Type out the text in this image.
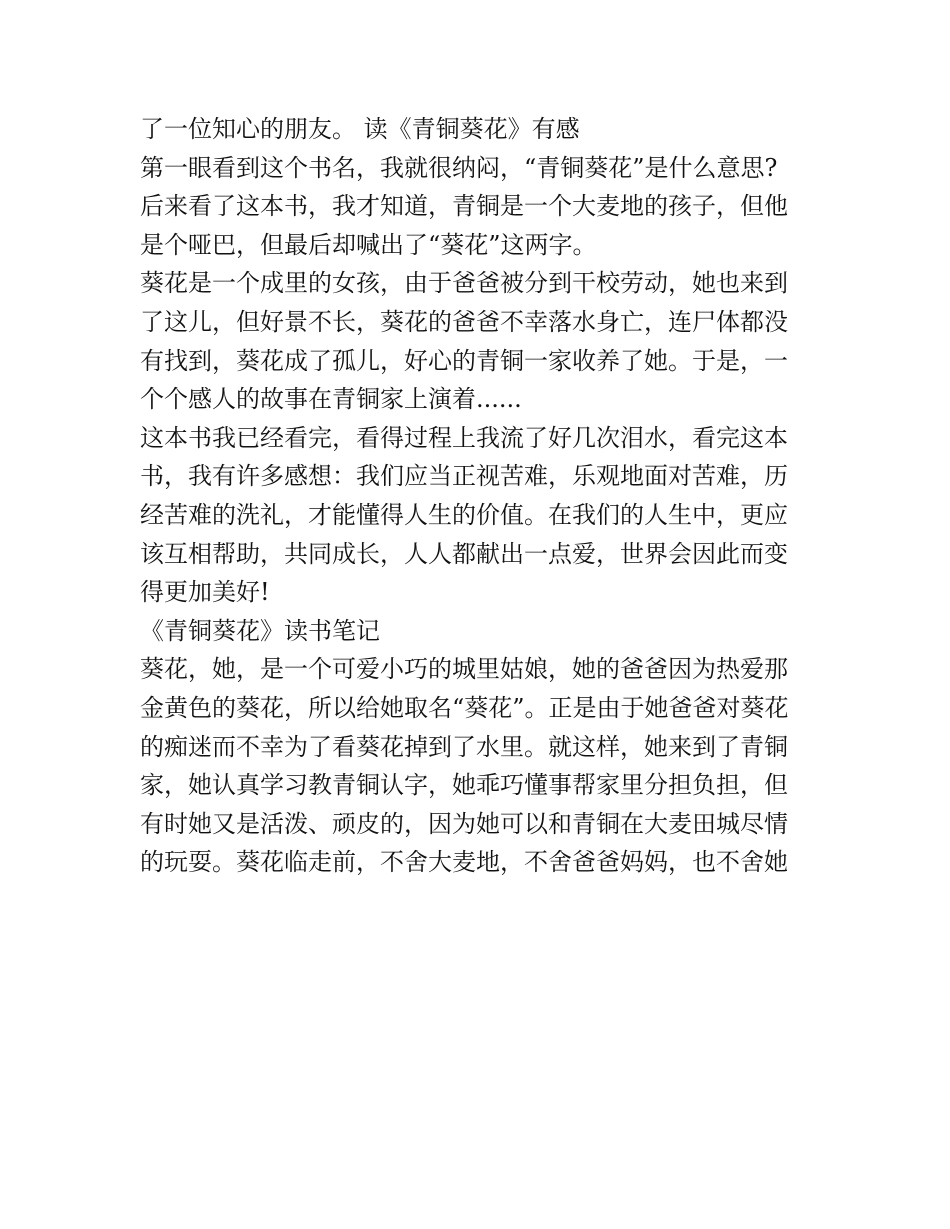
了一位知心的朋友。 读《青铜葵花》有感
第一眼看到这个书名，我就很纳闷，“青铜葵花”是什么意思?
后来看了这本书，我才知道，青铜是一个大麦地的孩子，但他
是个哑巴，但最后却喊出了“葵花”这两字。
葵花是一个成里的女孩，由于爸爸被分到干校劳动，她也来到
了这儿，但好景不长，葵花的爸爸不幸落水身亡，连尸体都没
有找到，葵花成了孤儿，好心的青铜一家收养了她。于是，一
个个感人的故事在青铜家上演着......
这本书我已经看完，看得过程上我流了好几次泪水，看完这本
书，我有许多感想：我们应当正视苦难，乐观地面对苦难，历
经苦难的洗礼，才能懂得人生的价值。在我们的人生中，更应
该互相帮助，共同成长，人人都献出一点爱，世界会因此而变
得更加美好!
《青铜葵花》读书笔记
葵花，她，是一个可爱小巧的城里姑娘，她的爸爸因为热爱那
金黄色的葵花，所以给她取名“葵花”。正是由于她爸爸对葵花
的痴迷而不幸为了看葵花掉到了水里。就这样，她来到了青铜
家，她认真学习教青铜认字，她乖巧懂事帮家里分担负担，但
有时她又是活泼、顽皮的，因为她可以和青铜在大麦田城尽情
的玩耍。葵花临走前，不舍大麦地，不舍爸爸妈妈，也不舍她
